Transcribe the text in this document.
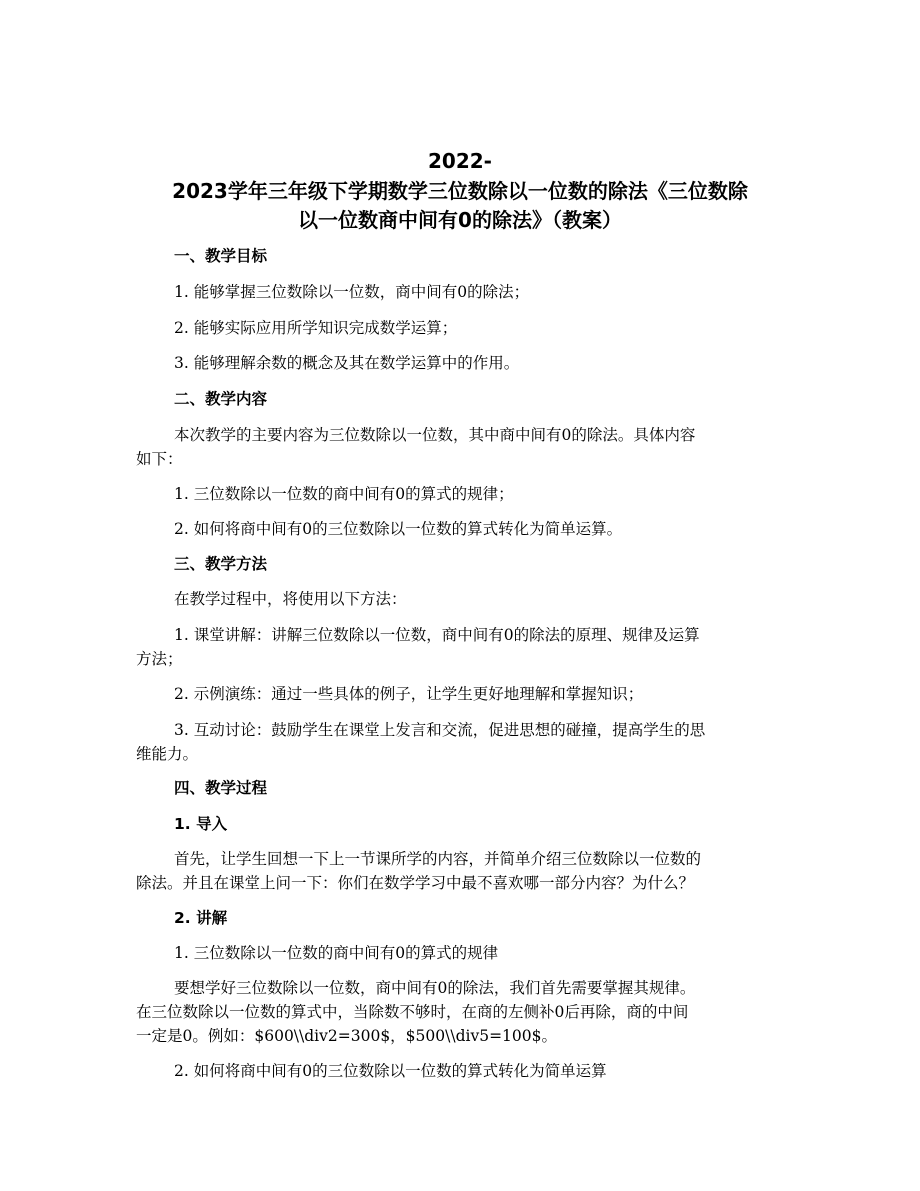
2022-
2023学年三年级下学期数学三位数除以一位数的除法《三位数除
以一位数商中间有0的除法》（教案）

一、教学目标

1. 能够掌握三位数除以一位数，商中间有0的除法；

2. 能够实际应用所学知识完成数学运算；

3. 能够理解余数的概念及其在数学运算中的作用。

二、教学内容

本次教学的主要内容为三位数除以一位数，其中商中间有0的除法。具体内容

如下：

1. 三位数除以一位数的商中间有0的算式的规律；

2. 如何将商中间有0的三位数除以一位数的算式转化为简单运算。

三、教学方法

在教学过程中，将使用以下方法：

1. 课堂讲解：讲解三位数除以一位数，商中间有0的除法的原理、规律及运算

方法；

2. 示例演练：通过一些具体的例子，让学生更好地理解和掌握知识；

3. 互动讨论：鼓励学生在课堂上发言和交流，促进思想的碰撞，提高学生的思

维能力。

四、教学过程

1. 导入

首先，让学生回想一下上一节课所学的内容，并简单介绍三位数除以一位数的

除法。并且在课堂上问一下：你们在数学学习中最不喜欢哪一部分内容？为什么？

2. 讲解

1. 三位数除以一位数的商中间有0的算式的规律

要想学好三位数除以一位数，商中间有0的除法，我们首先需要掌握其规律。

在三位数除以一位数的算式中，当除数不够时，在商的左侧补0后再除，商的中间

一定是0。例如：$600\\div2=300$，$500\\div5=100$。

2. 如何将商中间有0的三位数除以一位数的算式转化为简单运算
